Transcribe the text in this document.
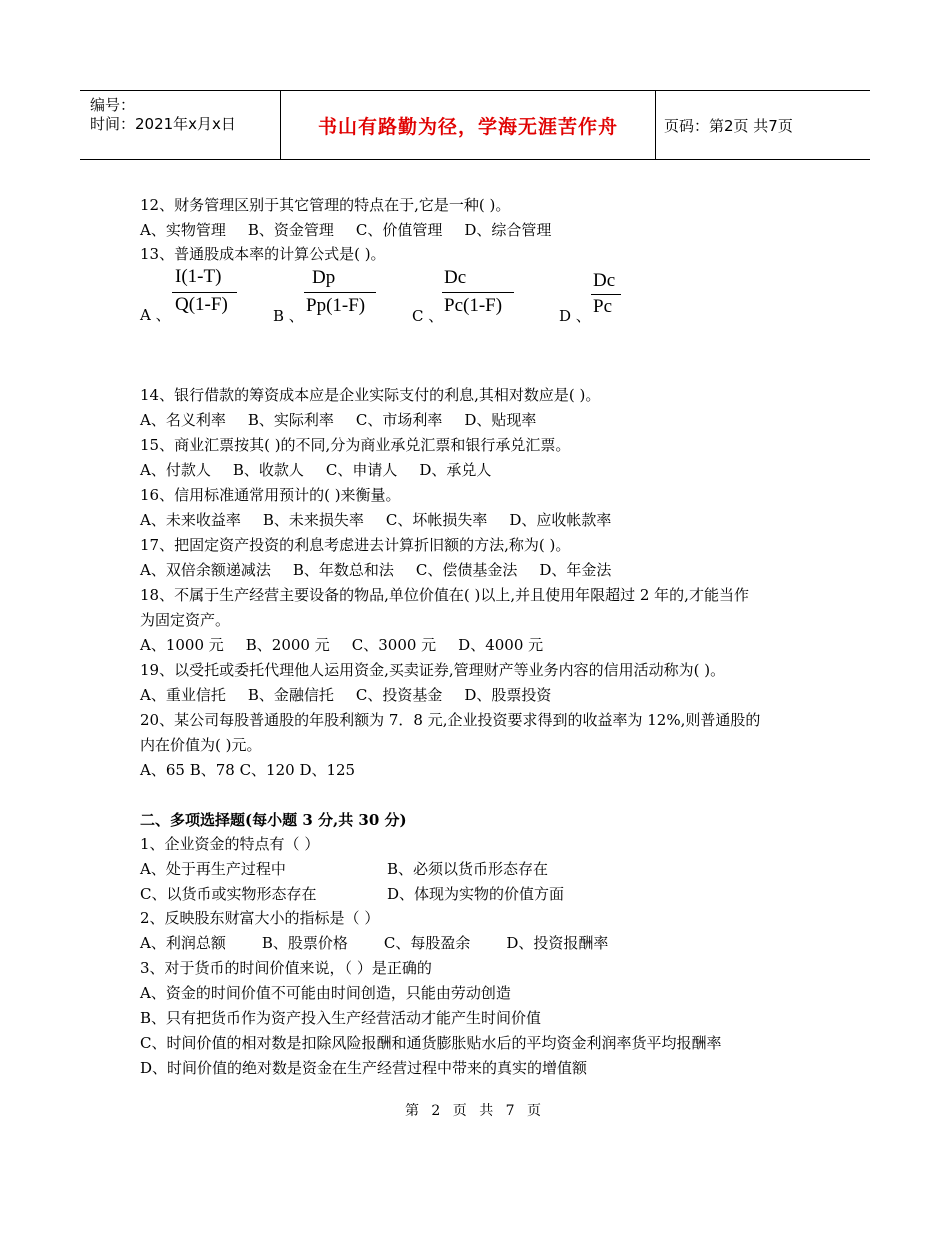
编号：
时间：2021年x月x日	书山有路勤为径，学海无涯苦作舟	页码：第2页 共7页
12、财务管理区别于其它管理的特点在于,它是一种( )。
A、实物管理 B、资金管理 C、价值管理 D、综合管理
13、普通股成本率的计算公式是( )。
A 、
I(1-T)
Q(1-F)
B 、
Dp
Pp(1-F)	C 、
Dc
Pc(1-F)	D 、
Dc
Pc
14、银行借款的筹资成本应是企业实际支付的利息,其相对数应是( )。
A、名义利率 B、实际利率 C、市场利率 D、贴现率
15、商业汇票按其( )的不同,分为商业承兑汇票和银行承兑汇票。
A、付款人 B、收款人 C、申请人 D、承兑人
16、信用标准通常用预计的( )来衡量。
A、未来收益率 B、未来损失率 C、坏帐损失率 D、应收帐款率
17、把固定资产投资的利息考虑进去计算折旧额的方法,称为( )。
A、双倍余额递减法 B、年数总和法 C、偿债基金法 D、年金法
18、不属于生产经营主要设备的物品,单位价值在( )以上,并且使用年限超过 2 年的,才能当作
为固定资产。
A、1000 元 B、2000 元 C、3000 元 D、4000 元
19、以受托或委托代理他人运用资金,买卖证券,管理财产等业务内容的信用活动称为( )。
A、重业信托 B、金融信托 C、投资基金 D、股票投资
20、某公司每股普通股的年股利额为 7．8 元,企业投资要求得到的收益率为 12%,则普通股的
内在价值为( )元。
A、65 B、78 C、120 D、125
二、多项选择题(每小题 3 分,共 30 分)
1、企业资金的特点有（ ）
A、处于再生产过程中	B、必须以货币形态存在
C、以货币或实物形态存在	D、体现为实物的价值方面
2、反映股东财富大小的指标是（ ）
A、利润总额 B、股票价格 C、每股盈余 D、投资报酬率
3、对于货币的时间价值来说，（ ）是正确的
A、资金的时间价值不可能由时间创造，只能由劳动创造
B、只有把货币作为资产投入生产经营活动才能产生时间价值
C、时间价值的相对数是扣除风险报酬和通货膨胀贴水后的平均资金利润率货平均报酬率
D、时间价值的绝对数是资金在生产经营过程中带来的真实的增值额
第 2 页 共 7 页
